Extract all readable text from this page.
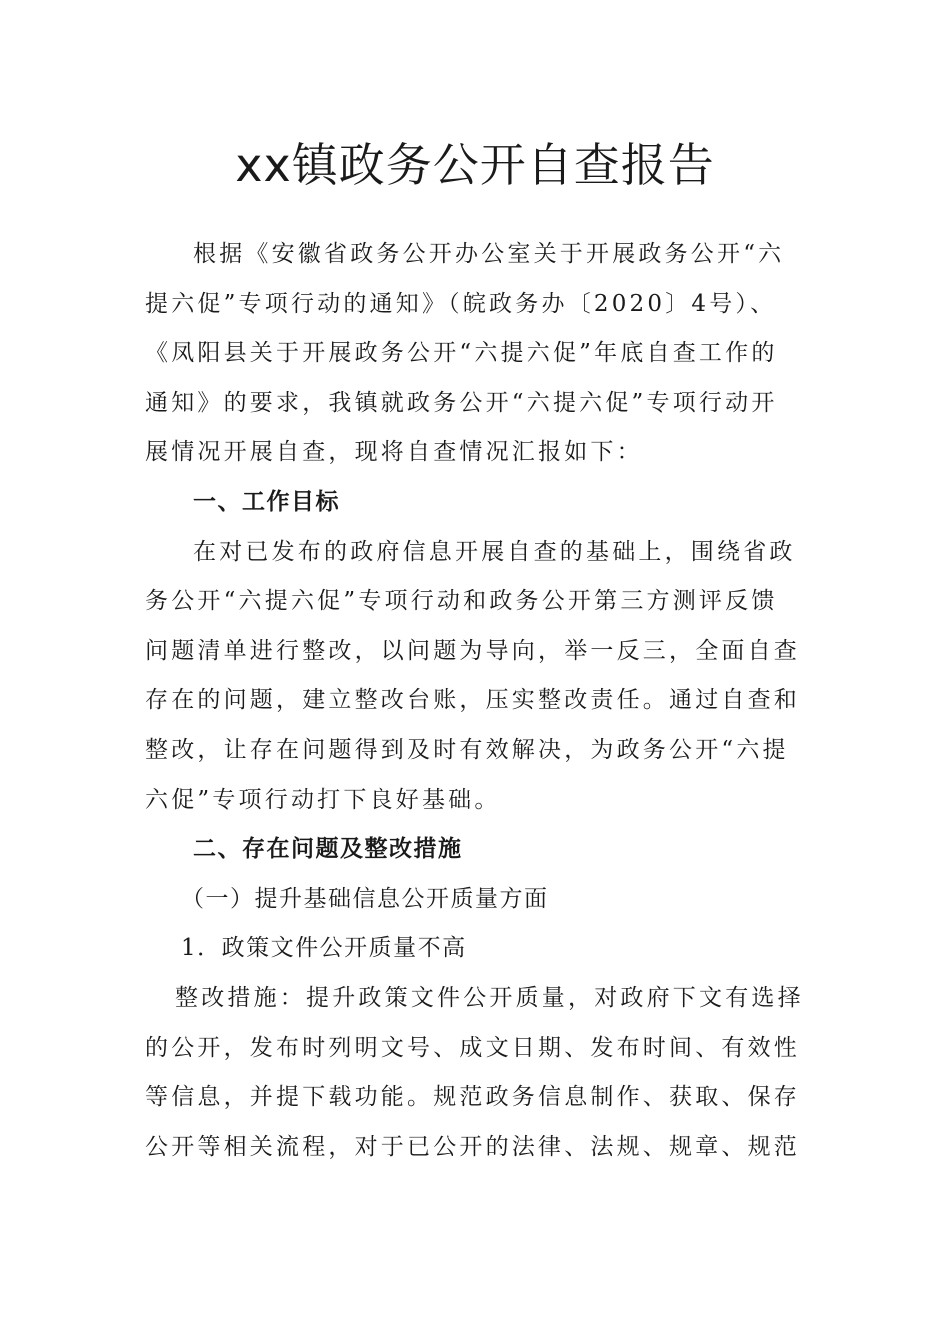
xx镇政务公开自查报告
根据《安徽省政务公开办公室关于开展政务公开“六
提六促”专项行动的通知》（皖政务办〔2020〕4号）、
《凤阳县关于开展政务公开“六提六促”年底自查工作的
通知》的要求，我镇就政务公开“六提六促”专项行动开
展情况开展自查，现将自查情况汇报如下：
一、工作目标
在对已发布的政府信息开展自查的基础上，围绕省政
务公开“六提六促”专项行动和政务公开第三方测评反馈
问题清单进行整改，以问题为导向，举一反三，全面自查
存在的问题，建立整改台账，压实整改责任。通过自查和
整改，让存在问题得到及时有效解决，为政务公开“六提
六促”专项行动打下良好基础。
二、存在问题及整改措施
（一）提升基础信息公开质量方面
1．政策文件公开质量不高
整改措施：提升政策文件公开质量，对政府下文有选择
的公开，发布时列明文号、成文日期、发布时间、有效性
等信息，并提下载功能。规范政务信息制作、获取、保存
公开等相关流程，对于已公开的法律、法规、规章、规范
